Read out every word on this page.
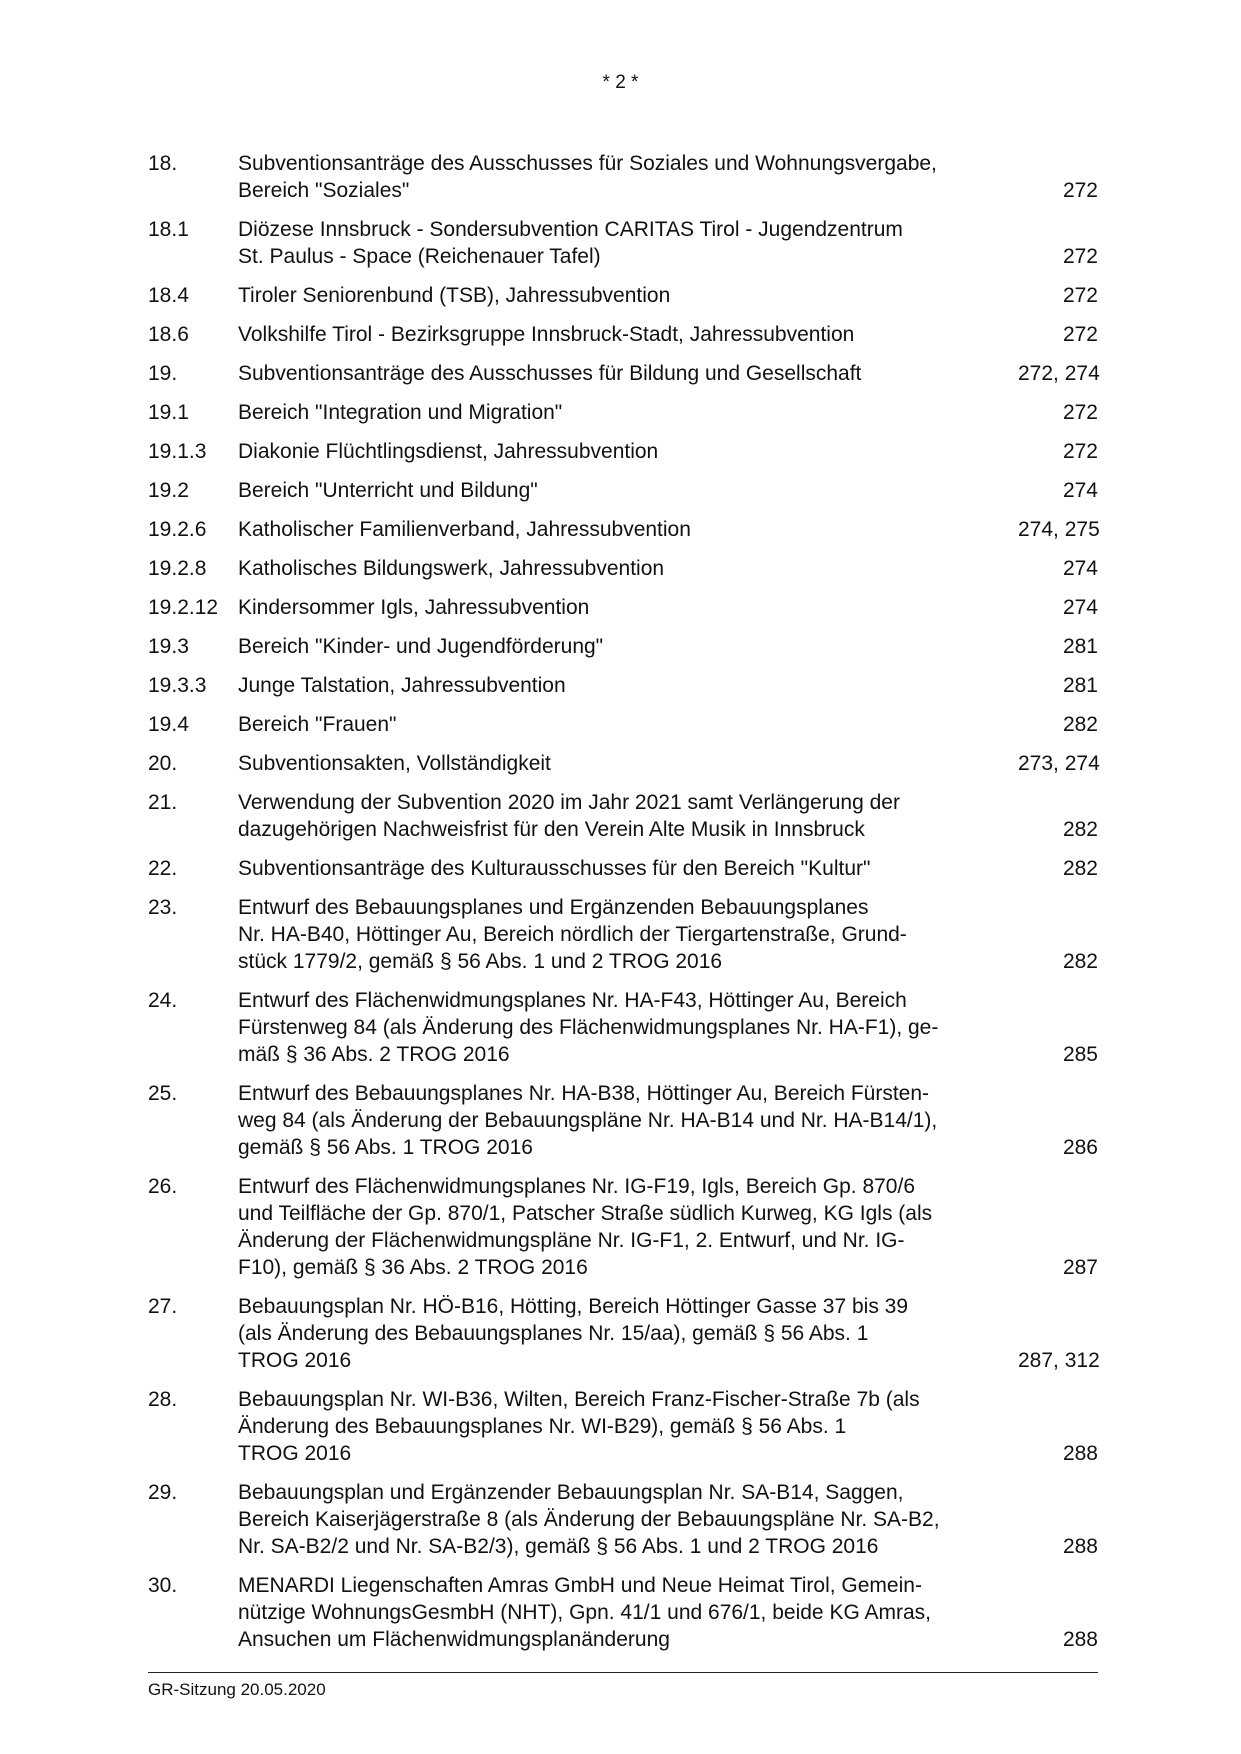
* 2 *
18.	Subventionsanträge des Ausschusses für Soziales und Wohnungsvergabe,
Bereich "Soziales"	272
18.1	Diözese Innsbruck - Sondersubvention CARITAS Tirol - Jugendzentrum
St. Paulus - Space (Reichenauer Tafel)	272
18.4	Tiroler Seniorenbund (TSB), Jahressubvention	272
18.6	Volkshilfe Tirol - Bezirksgruppe Innsbruck-Stadt, Jahressubvention	272
19.	Subventionsanträge des Ausschusses für Bildung und Gesellschaft	272, 274
19.1	Bereich "Integration und Migration"	272
19.1.3	Diakonie Flüchtlingsdienst, Jahressubvention	272
19.2	Bereich "Unterricht und Bildung"	274
19.2.6	Katholischer Familienverband, Jahressubvention	274, 275
19.2.8	Katholisches Bildungswerk, Jahressubvention	274
19.2.12 Kindersommer Igls, Jahressubvention	274
19.3	Bereich "Kinder- und Jugendförderung"	281
19.3.3	Junge Talstation, Jahressubvention	281
19.4	Bereich "Frauen"	282
20.	Subventionsakten, Vollständigkeit	273, 274
21.	Verwendung der Subvention 2020 im Jahr 2021 samt Verlängerung der
dazugehörigen Nachweisfrist für den Verein Alte Musik in Innsbruck	282
22.	Subventionsanträge des Kulturausschusses für den Bereich "Kultur"	282
23.	Entwurf des Bebauungsplanes und Ergänzenden Bebauungsplanes
Nr. HA-B40, Höttinger Au, Bereich nördlich der Tiergartenstraße, Grund-
stück 1779/2, gemäß § 56 Abs. 1 und 2 TROG 2016	282
24.	Entwurf des Flächenwidmungsplanes Nr. HA-F43, Höttinger Au, Bereich
Fürstenweg 84 (als Änderung des Flächenwidmungsplanes Nr. HA-F1), ge-
mäß § 36 Abs. 2 TROG 2016	285
25.	Entwurf des Bebauungsplanes Nr. HA-B38, Höttinger Au, Bereich Fürsten-
weg 84 (als Änderung der Bebauungspläne Nr. HA-B14 und Nr. HA-B14/1),
gemäß § 56 Abs. 1 TROG 2016	286
26.	Entwurf des Flächenwidmungsplanes Nr. IG-F19, Igls, Bereich Gp. 870/6
und Teilfläche der Gp. 870/1, Patscher Straße südlich Kurweg, KG Igls (als
Änderung der Flächenwidmungspläne Nr. IG-F1, 2. Entwurf, und Nr. IG-
F10), gemäß § 36 Abs. 2 TROG 2016	287
27.	Bebauungsplan Nr. HÖ-B16, Hötting, Bereich Höttinger Gasse 37 bis 39
(als Änderung des Bebauungsplanes Nr. 15/aa), gemäß § 56 Abs. 1
TROG 2016	287, 312
28.	Bebauungsplan Nr. WI-B36, Wilten, Bereich Franz-Fischer-Straße 7b (als
Änderung des Bebauungsplanes Nr. WI-B29), gemäß § 56 Abs. 1
TROG 2016	288
29.	Bebauungsplan und Ergänzender Bebauungsplan Nr. SA-B14, Saggen,
Bereich Kaiserjägerstraße 8 (als Änderung der Bebauungspläne Nr. SA-B2,
Nr. SA-B2/2 und Nr. SA-B2/3), gemäß § 56 Abs. 1 und 2 TROG 2016	288
30.	MENARDI Liegenschaften Amras GmbH und Neue Heimat Tirol, Gemein-
nützige WohnungsGesmbH (NHT), Gpn. 41/1 und 676/1, beide KG Amras,
Ansuchen um Flächenwidmungsplanänderung	288
GR-Sitzung 20.05.2020
